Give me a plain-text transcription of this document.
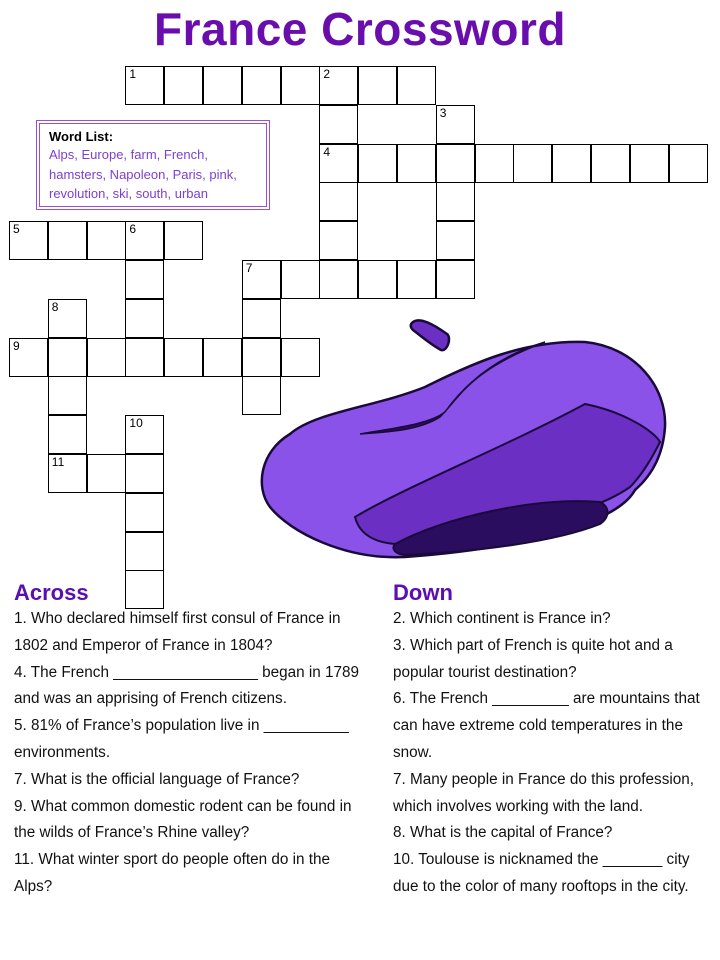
France Crossword
1	2
4
5	6
7
9
11
3
8
10
Word List:
Alps, Europe, farm, French, hamsters, Napoleon, Paris, pink, revolution, ski, south, urban
Across
1. Who declared himself first consul of France in 1802 and Emperor of France in 1804?
4. The French _________________ began in 1789 and was an apprising of French citizens.
5. 81% of France’s population live in __________ environments.
7. What is the official language of France?
9. What common domestic rodent can be found in the wilds of France’s Rhine valley?
11. What winter sport do people often do in the Alps?
Down
2. Which continent is France in?
3. Which part of French is quite hot and a popular tourist destination?
6. The French _________ are mountains that can have extreme cold temperatures in the snow.
7. Many people in France do this profession, which involves working with the land.
8. What is the capital of France?
10. Toulouse is nicknamed the _______ city due to the color of many rooftops in the city.
